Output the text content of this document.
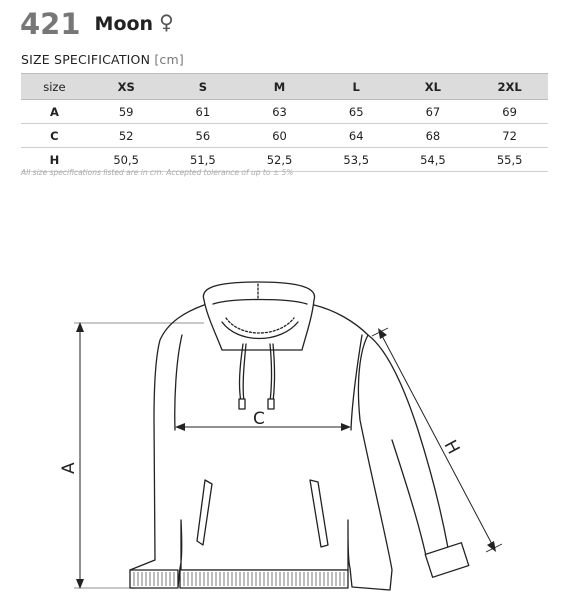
421 Moon ♀
SIZE SPECIFICATION [cm]
size	XS	S	M	L	XL	2XL
A	59	61	63	65	67	69
C	52	56	60	64	68	72
H	50,5	51,5	52,5	53,5	54,5	55,5
All size specifications listed are in cm. Accepted tolerance of up to ± 5%
A
C
H
